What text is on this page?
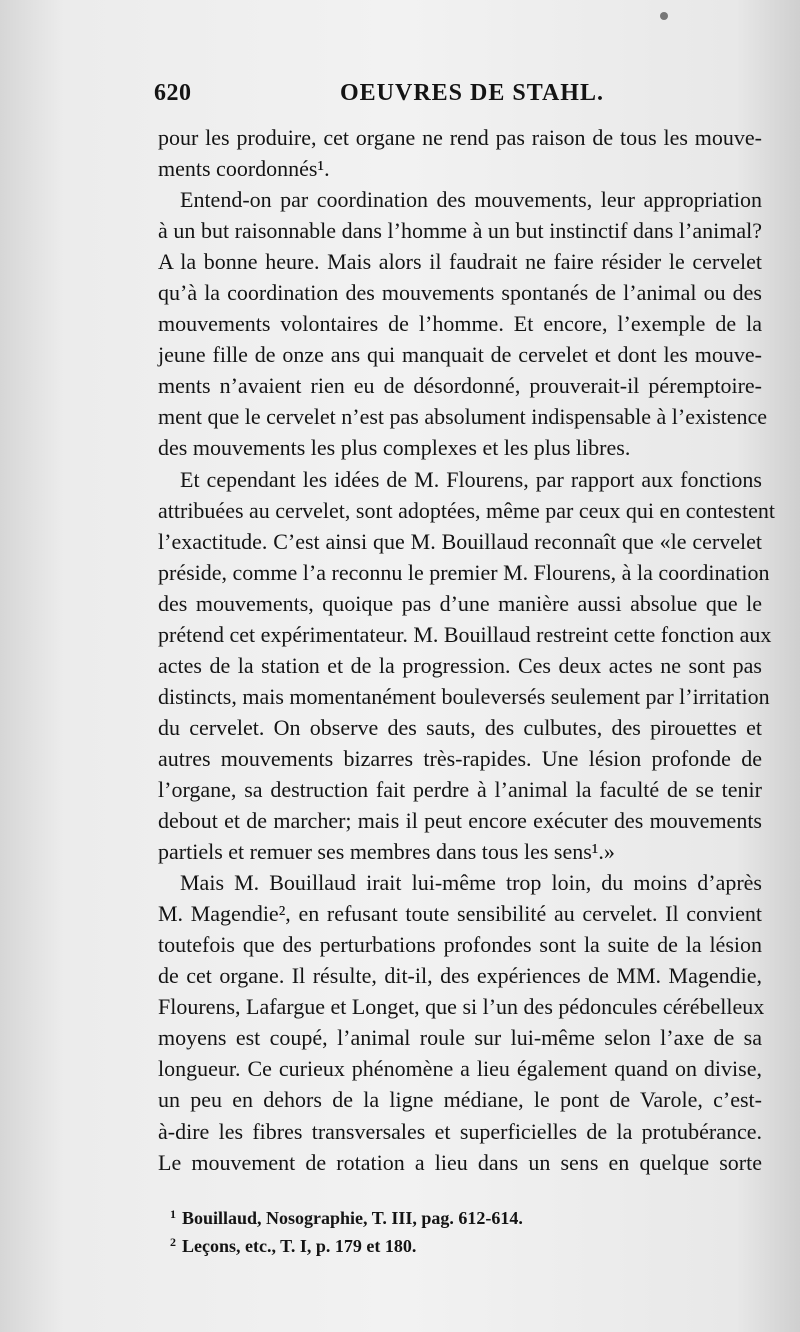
620	OEUVRES DE STAHL.
pour les produire, cet organe ne rend pas raison de tous les mouve-
ments coordonnés¹.
Entend-on par coordination des mouvements, leur appropriation
à un but raisonnable dans l’homme à un but instinctif dans l’animal?
A la bonne heure. Mais alors il faudrait ne faire résider le cervelet
qu’à la coordination des mouvements spontanés de l’animal ou des
mouvements volontaires de l’homme. Et encore, l’exemple de la
jeune fille de onze ans qui manquait de cervelet et dont les mouve-
ments n’avaient rien eu de désordonné, prouverait-il péremptoire-
ment que le cervelet n’est pas absolument indispensable à l’existence
des mouvements les plus complexes et les plus libres.
Et cependant les idées de M. Flourens, par rapport aux fonctions
attribuées au cervelet, sont adoptées, même par ceux qui en contestent
l’exactitude. C’est ainsi que M. Bouillaud reconnaît que «le cervelet
préside, comme l’a reconnu le premier M. Flourens, à la coordination
des mouvements, quoique pas d’une manière aussi absolue que le
prétend cet expérimentateur. M. Bouillaud restreint cette fonction aux
actes de la station et de la progression. Ces deux actes ne sont pas
distincts, mais momentanément bouleversés seulement par l’irritation
du cervelet. On observe des sauts, des culbutes, des pirouettes et
autres mouvements bizarres très-rapides. Une lésion profonde de
l’organe, sa destruction fait perdre à l’animal la faculté de se tenir
debout et de marcher; mais il peut encore exécuter des mouvements
partiels et remuer ses membres dans tous les sens¹.»
Mais M. Bouillaud irait lui-même trop loin, du moins d’après
M. Magendie², en refusant toute sensibilité au cervelet. Il convient
toutefois que des perturbations profondes sont la suite de la lésion
de cet organe. Il résulte, dit-il, des expériences de MM. Magendie,
Flourens, Lafargue et Longet, que si l’un des pédoncules cérébelleux
moyens est coupé, l’animal roule sur lui-même selon l’axe de sa
longueur. Ce curieux phénomène a lieu également quand on divise,
un peu en dehors de la ligne médiane, le pont de Varole, c’est-
à-dire les fibres transversales et superficielles de la protubérance.
Le mouvement de rotation a lieu dans un sens en quelque sorte
$^1$ Bouillaud, Nosographie, T. III, pag. 612-614.
$^2$ Leçons, etc., T. I, p. 179 et 180.
